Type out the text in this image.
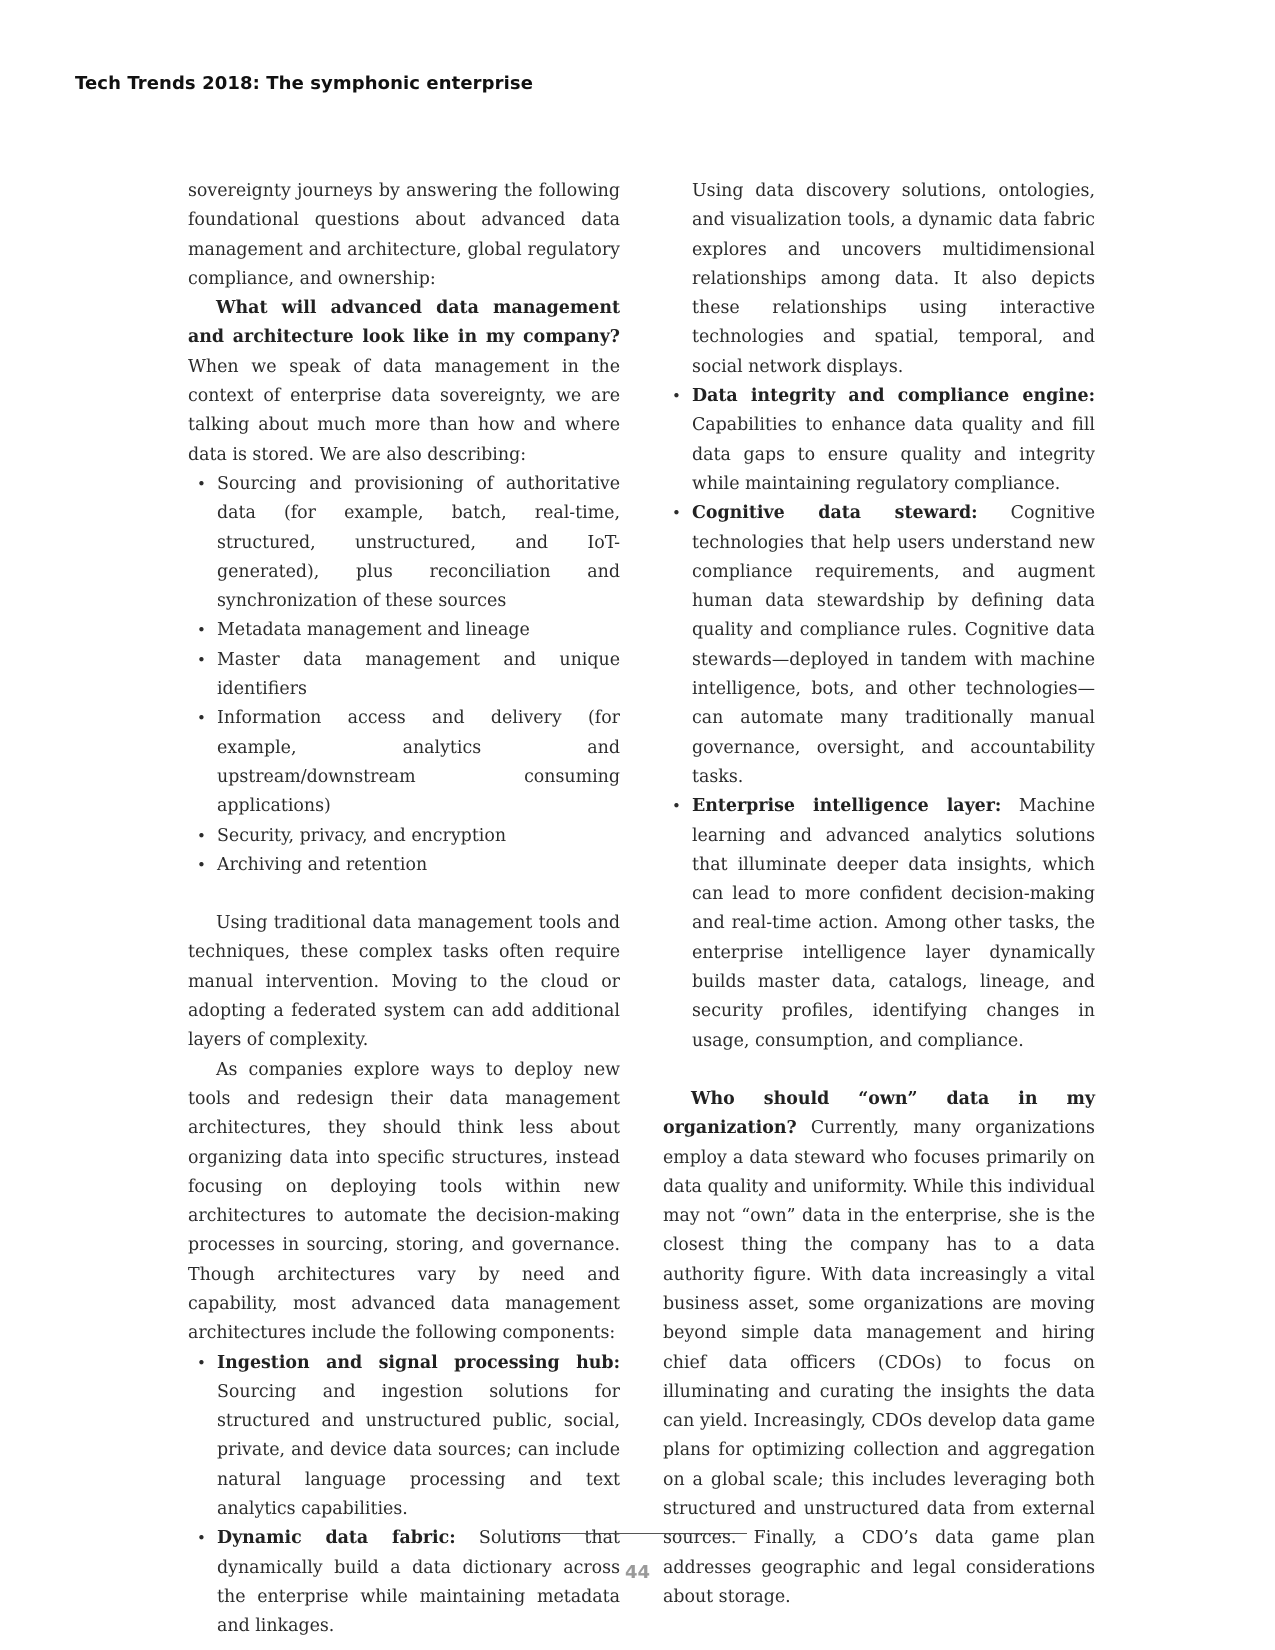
Tech Trends 2018: The symphonic enterprise

sovereignty journeys by answering the following foundational questions about advanced data management and architecture, global regulatory compliance, and ownership:

What will advanced data management and architecture look like in my company? When we speak of data management in the context of enterprise data sovereignty, we are talking about much more than how and where data is stored. We are also describing:

• Sourcing and provisioning of authoritative data (for example, batch, real-time, structured, unstructured, and IoT-generated), plus reconciliation and synchronization of these sources
• Metadata management and lineage
• Master data management and unique identifiers
• Information access and delivery (for example, analytics and upstream/downstream consuming applications)
• Security, privacy, and encryption
• Archiving and retention

Using traditional data management tools and techniques, these complex tasks often require manual intervention. Moving to the cloud or adopting a federated system can add additional layers of complexity.

As companies explore ways to deploy new tools and redesign their data management architectures, they should think less about organizing data into specific structures, instead focusing on deploying tools within new architectures to automate the decision-making processes in sourcing, storing, and governance. Though architectures vary by need and capability, most advanced data management architectures include the following components:

• Ingestion and signal processing hub: Sourcing and ingestion solutions for structured and unstructured public, social, private, and device data sources; can include natural language processing and text analytics capabilities.
• Dynamic data fabric: Solutions that dynamically build a data dictionary across the enterprise while maintaining metadata and linkages.

Using data discovery solutions, ontologies, and visualization tools, a dynamic data fabric explores and uncovers multidimensional relationships among data. It also depicts these relationships using interactive technologies and spatial, temporal, and social network displays.

• Data integrity and compliance engine: Capabilities to enhance data quality and fill data gaps to ensure quality and integrity while maintaining regulatory compliance.
• Cognitive data steward: Cognitive technologies that help users understand new compliance requirements, and augment human data stewardship by defining data quality and compliance rules. Cognitive data stewards—deployed in tandem with machine intelligence, bots, and other technologies—can automate many traditionally manual governance, oversight, and accountability tasks.
• Enterprise intelligence layer: Machine learning and advanced analytics solutions that illuminate deeper data insights, which can lead to more confident decision-making and real-time action. Among other tasks, the enterprise intelligence layer dynamically builds master data, catalogs, lineage, and security profiles, identifying changes in usage, consumption, and compliance.

Who should “own” data in my organization? Currently, many organizations employ a data steward who focuses primarily on data quality and uniformity. While this individual may not “own” data in the enterprise, she is the closest thing the company has to a data authority figure. With data increasingly a vital business asset, some organizations are moving beyond simple data management and hiring chief data officers (CDOs) to focus on illuminating and curating the insights the data can yield. Increasingly, CDOs develop data game plans for optimizing collection and aggregation on a global scale; this includes leveraging both structured and unstructured data from external sources. Finally, a CDO’s data game plan addresses geographic and legal considerations about storage.

44
